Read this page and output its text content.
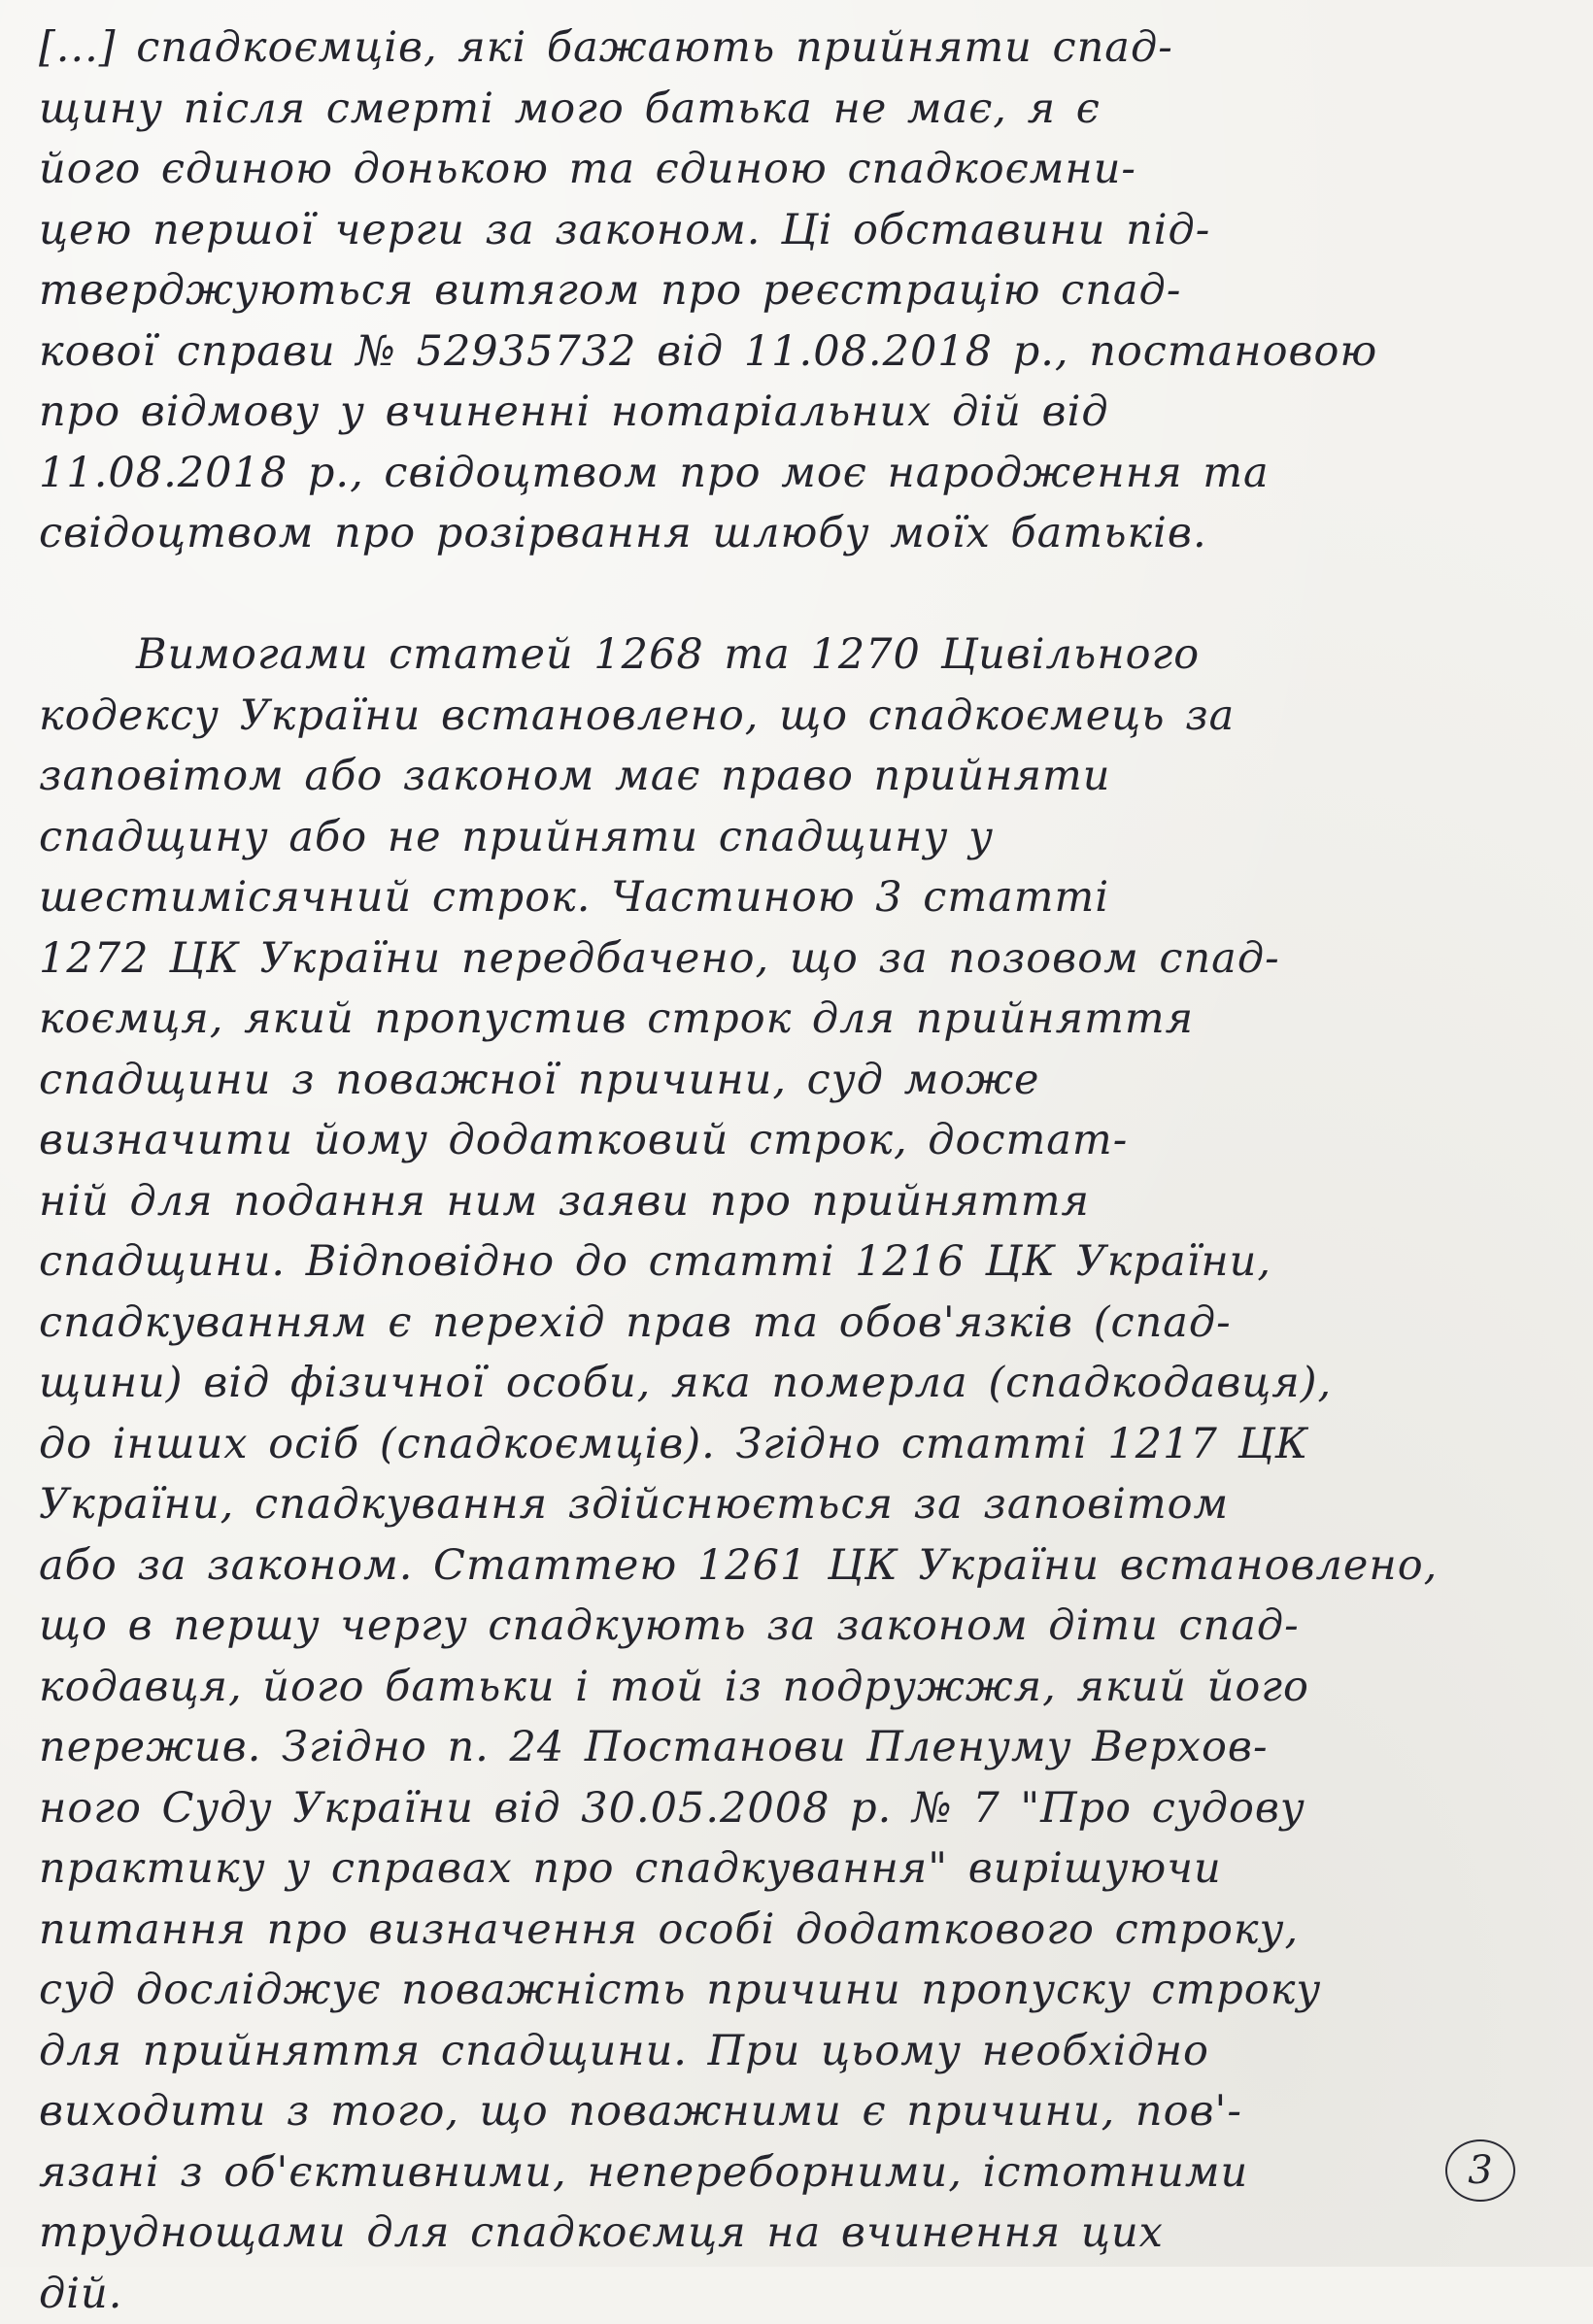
[...] спадкоємців, які бажають прийняти спад-
щину після смерті мого батька не має, я є
його єдиною донькою та єдиною спадкоємни-
цею першої черги за законом. Ці обставини під-
тверджуються витягом про реєстрацію спад-
кової справи № 52935732 від 11.08.2018 р., постановою
про відмову у вчиненні нотаріальних дій від
11.08.2018 р., свідоцтвом про моє народження та
свідоцтвом про розірвання шлюбу моїх батьків.
Вимогами статей 1268 та 1270 Цивільного
кодексу України встановлено, що спадкоємець за
заповітом або законом має право прийняти
спадщину або не прийняти спадщину у
шестимісячний строк. Частиною 3 статті
1272 ЦК України передбачено, що за позовом спад-
коємця, який пропустив строк для прийняття
спадщини з поважної причини, суд може
визначити йому додатковий строк, достат-
ній для подання ним заяви про прийняття
спадщини. Відповідно до статті 1216 ЦК України,
спадкуванням є перехід прав та обов'язків (спад-
щини) від фізичної особи, яка померла (спадкодавця),
до інших осіб (спадкоємців). Згідно статті 1217 ЦК
України, спадкування здійснюється за заповітом
або за законом. Статтею 1261 ЦК України встановлено,
що в першу чергу спадкують за законом діти спад-
кодавця, його батьки і той із подружжя, який його
пережив. Згідно п. 24 Постанови Пленуму Верхов-
ного Суду України від 30.05.2008 р. № 7 "Про судову
практику у справах про спадкування" вирішуючи
питання про визначення особі додаткового строку,
суд досліджує поважність причини пропуску строку
для прийняття спадщини. При цьому необхідно
виходити з того, що поважними є причини, пов'-
язані з об'єктивними, непереборними, істотними
труднощами для спадкоємця на вчинення цих
дій.
3
